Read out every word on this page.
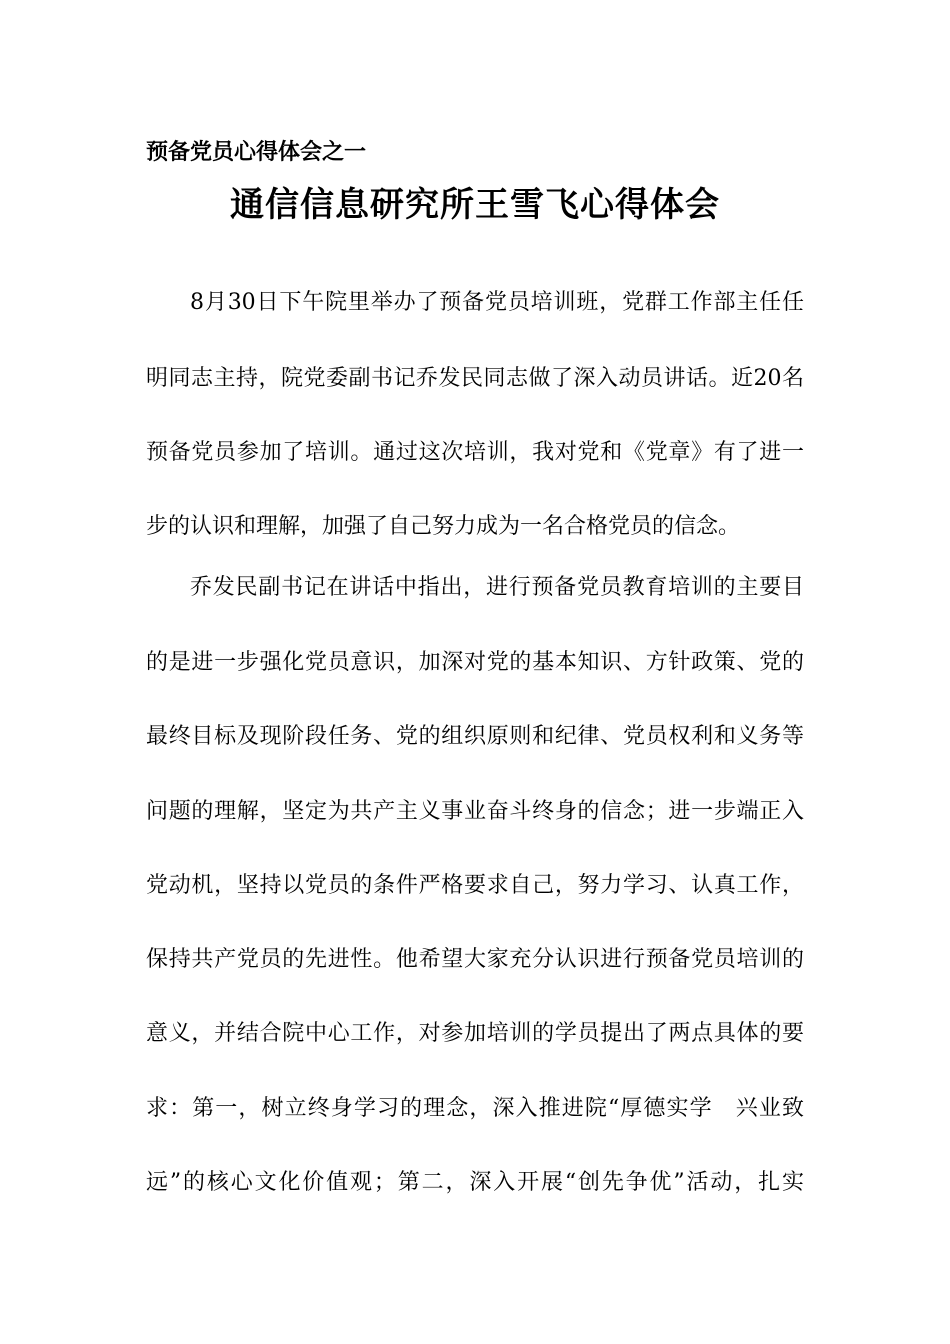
预备党员心得体会之一
通信信息研究所王雪飞心得体会
8月30日下午院里举办了预备党员培训班，党群工作部主任任
明同志主持，院党委副书记乔发民同志做了深入动员讲话。近20名
预备党员参加了培训。通过这次培训，我对党和《党章》有了进一
步的认识和理解，加强了自己努力成为一名合格党员的信念。
乔发民副书记在讲话中指出，进行预备党员教育培训的主要目
的是进一步强化党员意识，加深对党的基本知识、方针政策、党的
最终目标及现阶段任务、党的组织原则和纪律、党员权利和义务等
问题的理解，坚定为共产主义事业奋斗终身的信念；进一步端正入
党动机，坚持以党员的条件严格要求自己，努力学习、认真工作，
保持共产党员的先进性。他希望大家充分认识进行预备党员培训的
意义，并结合院中心工作，对参加培训的学员提出了两点具体的要
求：第一，树立终身学习的理念，深入推进院“厚德实学　兴业致
远”的核心文化价值观；第二，深入开展“创先争优”活动，扎实
